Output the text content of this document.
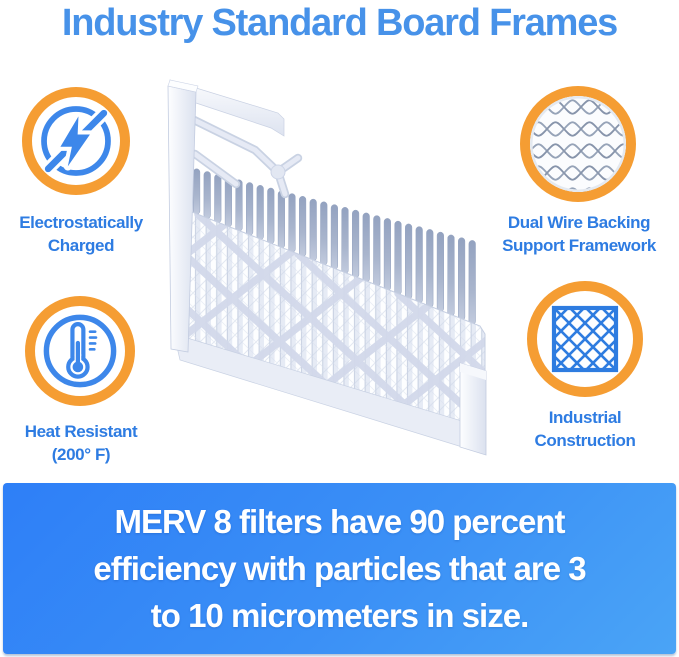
Industry Standard Board Frames
Electrostatically
Charged
Dual Wire Backing
Support Framework
Heat Resistant
(200° F)
Industrial
Construction
MERV 8 filters have 90 percent
efficiency with particles that are 3
to 10 micrometers in size.
